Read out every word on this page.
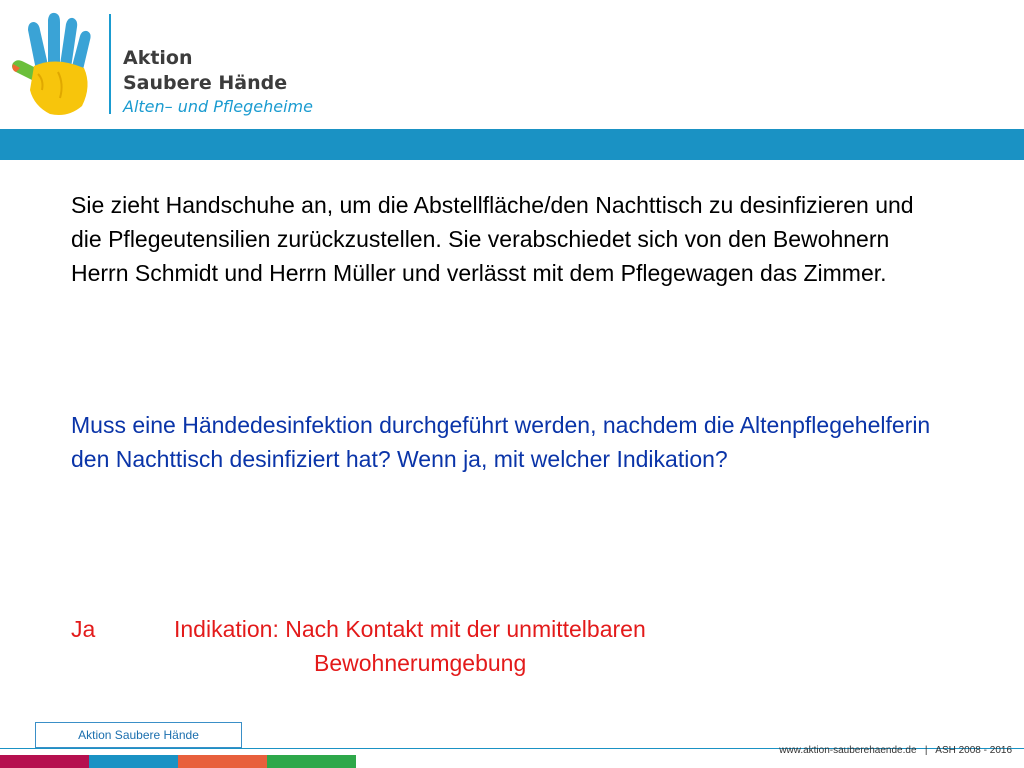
Aktion
Saubere Hände
Alten– und Pflegeheime

Sie zieht Handschuhe an, um die Abstellfläche/den Nachttisch zu desinfizieren und die Pflegeutensilien zurückzustellen. Sie verabschiedet sich von den Bewohnern Herrn Schmidt und Herrn Müller und verlässt mit dem Pflegewagen das Zimmer.

Muss eine Händedesinfektion durchgeführt werden, nachdem die Altenpflegehelferin den Nachttisch desinfiziert hat? Wenn ja, mit welcher Indikation?

Ja	Indikation: Nach Kontakt mit der unmittelbaren
Bewohnerumgebung
Aktion Saubere Hände
www.aktion-sauberehaende.de | ASH 2008 - 2016
